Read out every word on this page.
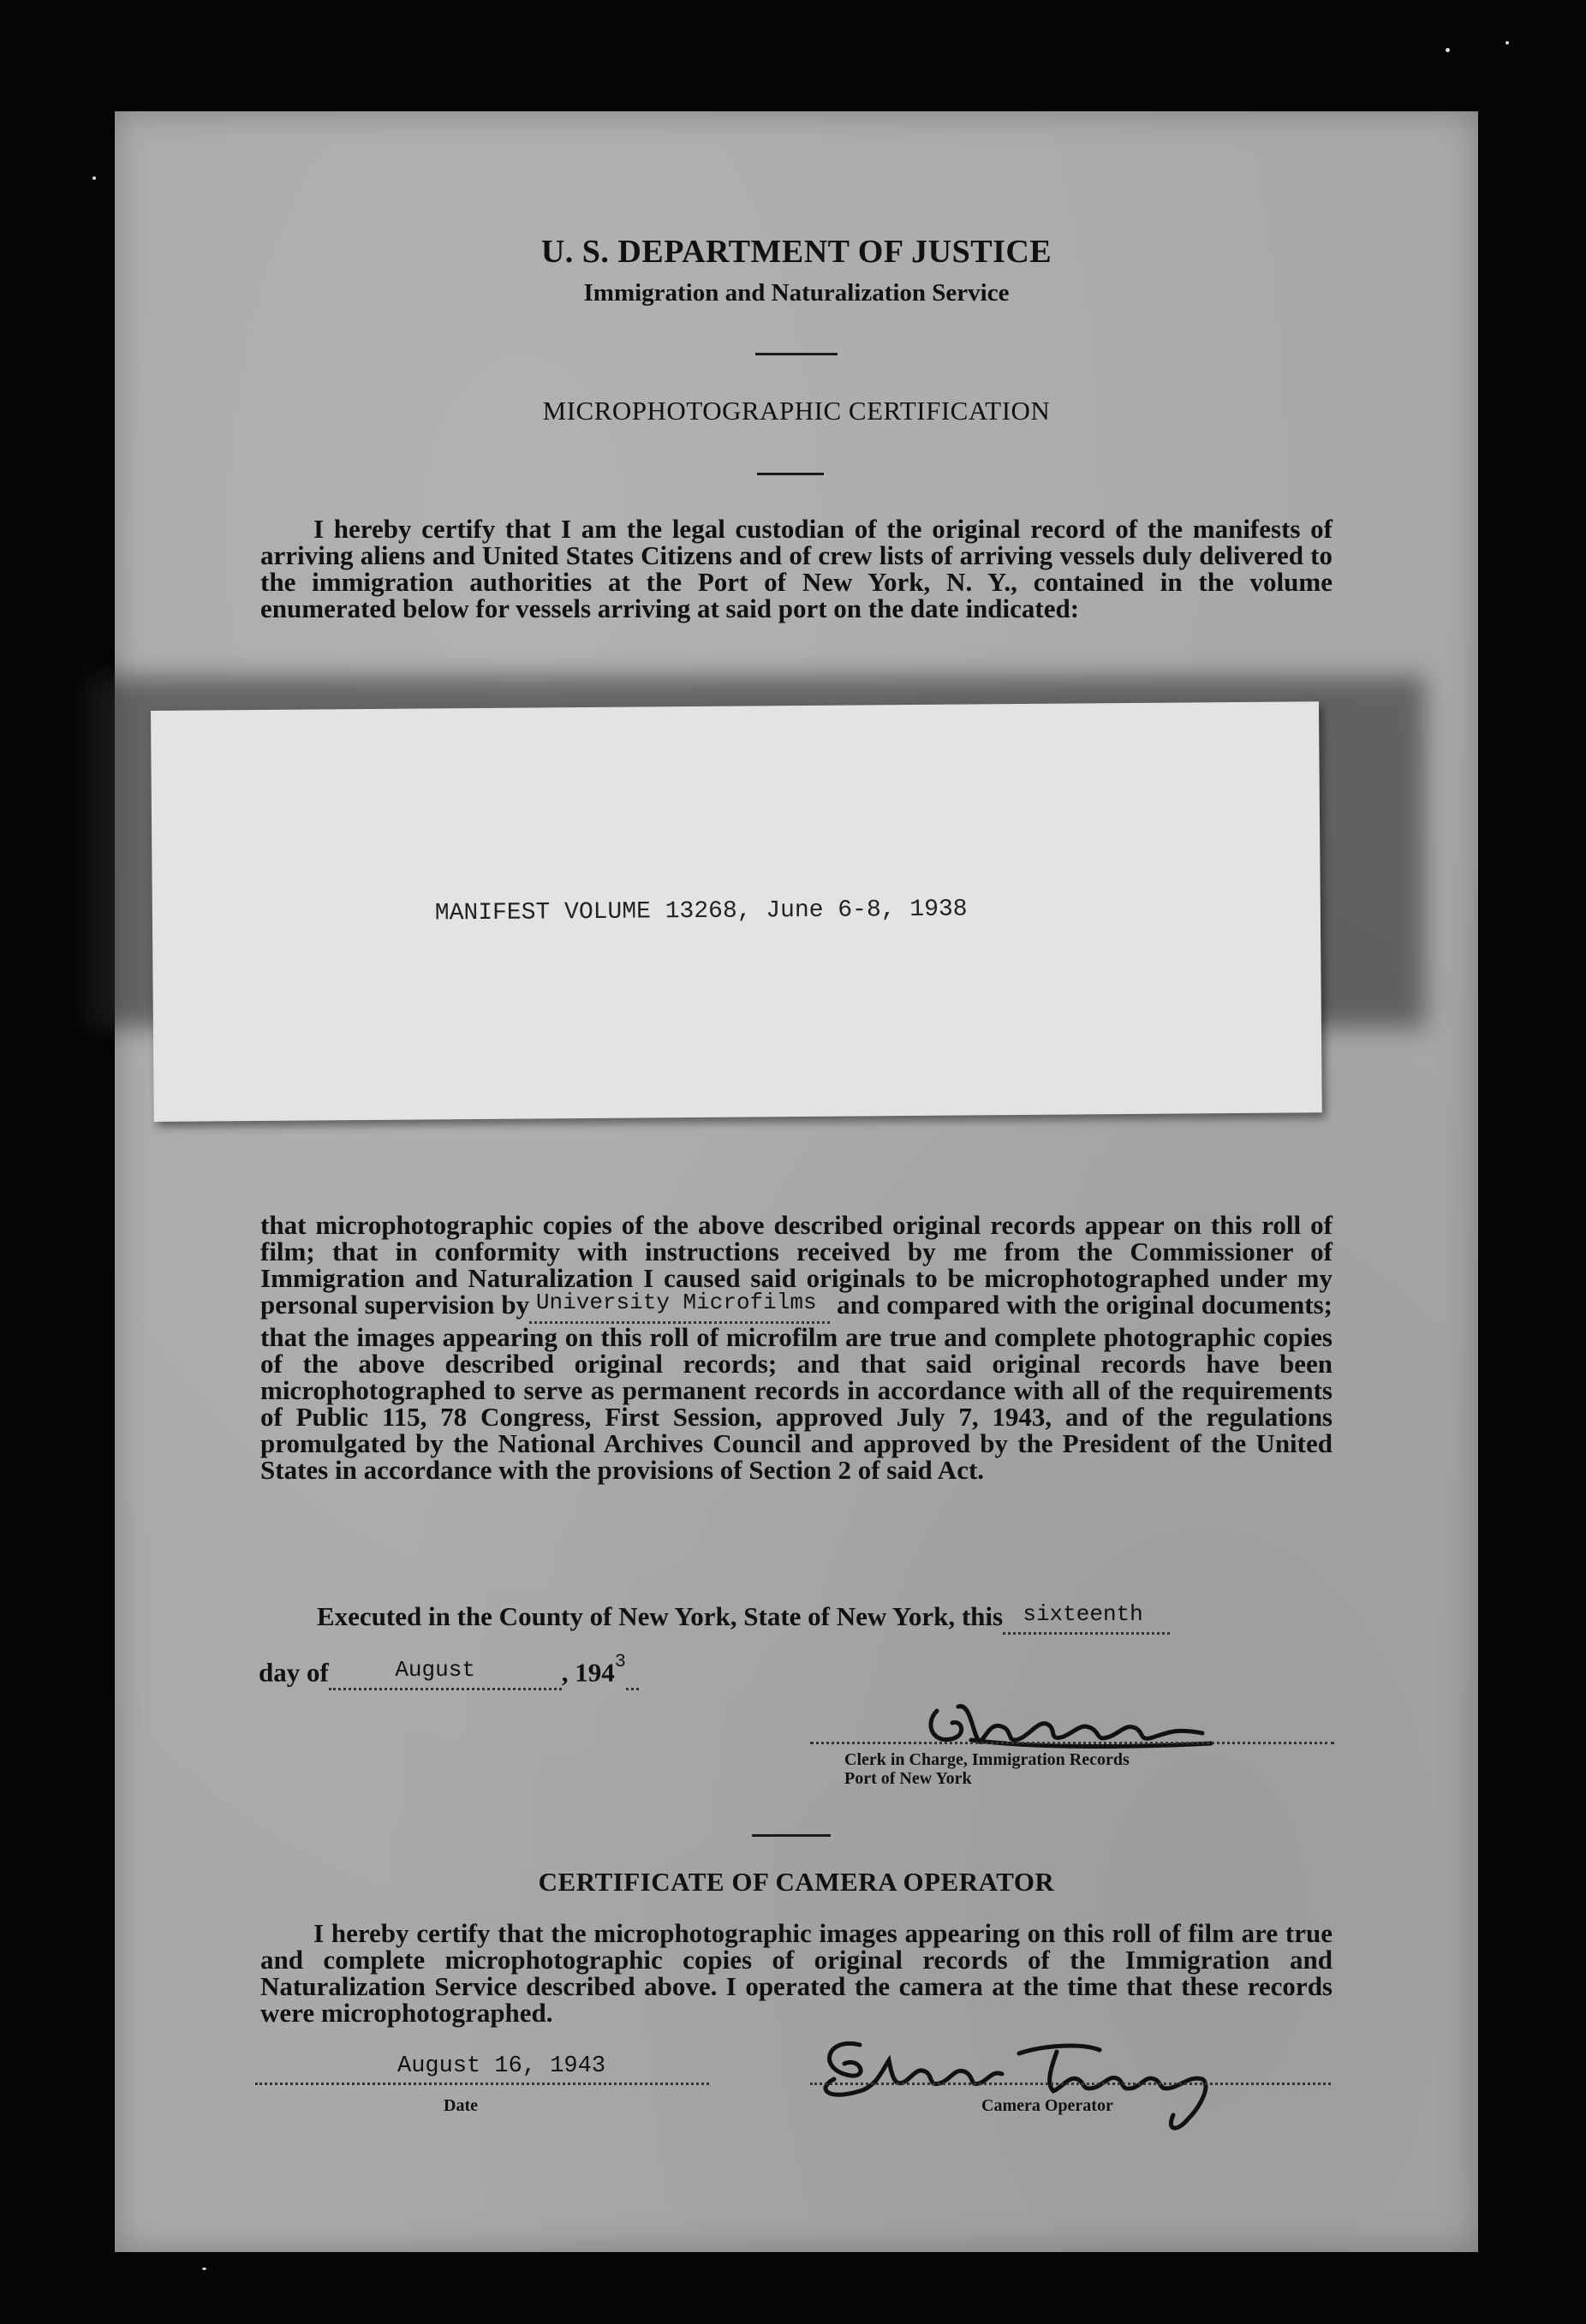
U. S. DEPARTMENT OF JUSTICE
Immigration and Naturalization Service
MICROPHOTOGRAPHIC CERTIFICATION
I hereby certify that I am the legal custodian of the original record of the manifests of arriving aliens and United States Citizens and of crew lists of arriving vessels duly delivered to the immigration authorities at the Port of New York, N. Y., contained in the volume enumerated below for vessels arriving at said port on the date indicated:
MANIFEST VOLUME 13268, June 6-8, 1938
that microphotographic copies of the above described original records appear on this roll of film; that in conformity with instructions received by me from the Commissioner of Immigration and Naturalization I caused said originals to be microphotographed under my personal supervision by University Microfilms and compared with the original documents; that the images appearing on this roll of microfilm are true and complete photographic copies of the above described original records; and that said original records have been microphotographed to serve as permanent records in accordance with all of the requirements of Public 115, 78 Congress, First Session, approved July 7, 1943, and of the regulations promulgated by the National Archives Council and approved by the President of the United States in accordance with the provisions of Section 2 of said Act.
Executed in the County of New York, State of New York, this sixteenth
day of	August	, $194^3$
Clerk in Charge, Immigration Records
Port of New York
CERTIFICATE OF CAMERA OPERATOR
I hereby certify that the microphotographic images appearing on this roll of film are true and complete microphotographic copies of original records of the Immigration and Naturalization Service described above. I operated the camera at the time that these records were microphotographed.
August 16, 1943
Date	Camera Operator
